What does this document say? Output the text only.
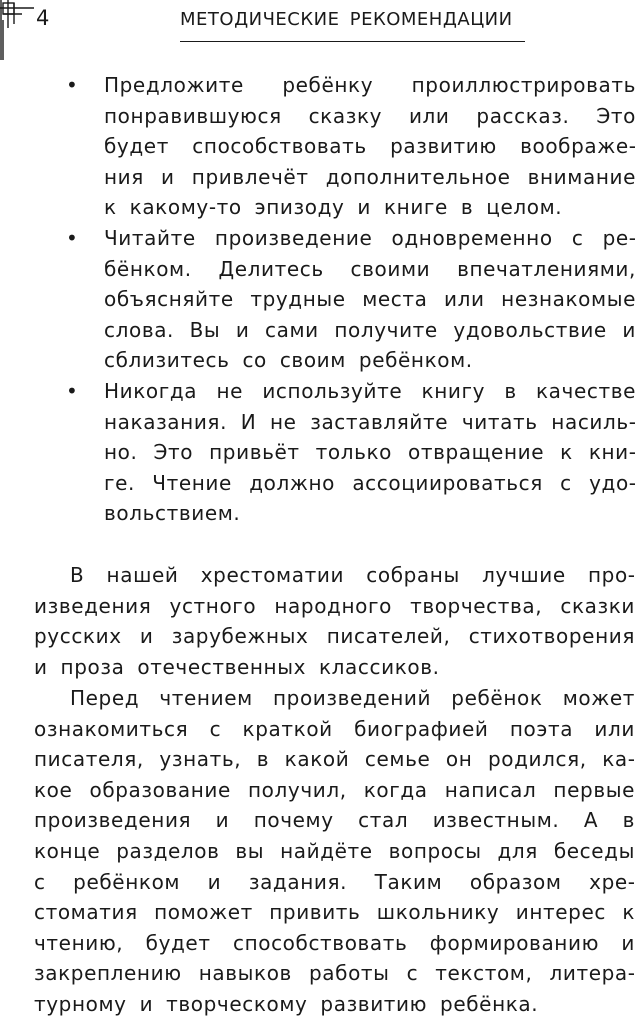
4	МЕТОДИЧЕСКИЕ РЕКОМЕНДАЦИИ
•	Предложите ребёнку проиллюстрировать понравившуюся сказку или рассказ. Это будет способствовать развитию воображения и привлечёт дополнительное внимание к какому-то эпизоду и книге в целом.
•	Читайте произведение одновременно с ребёнком. Делитесь своими впечатлениями, объясняйте трудные места или незнакомые слова. Вы и сами получите удовольствие и сблизитесь со своим ребёнком.
•	Никогда не используйте книгу в качестве наказания. И не заставляйте читать насильно. Это привьёт только отвращение к книге. Чтение должно ассоциироваться с удовольствием.

В нашей хрестоматии собраны лучшие произведения устного народного творчества, сказки русских и зарубежных писателей, стихотворения и проза отечественных классиков.

Перед чтением произведений ребёнок может ознакомиться с краткой биографией поэта или писателя, узнать, в какой семье он родился, какое образование получил, когда написал первые произведения и почему стал известным. А в конце разделов вы найдёте вопросы для беседы с ребёнком и задания. Таким образом хрестоматия поможет привить школьнику интерес к чтению, будет способствовать формированию и закреплению навыков работы с текстом, литературному и творческому развитию ребёнка.
